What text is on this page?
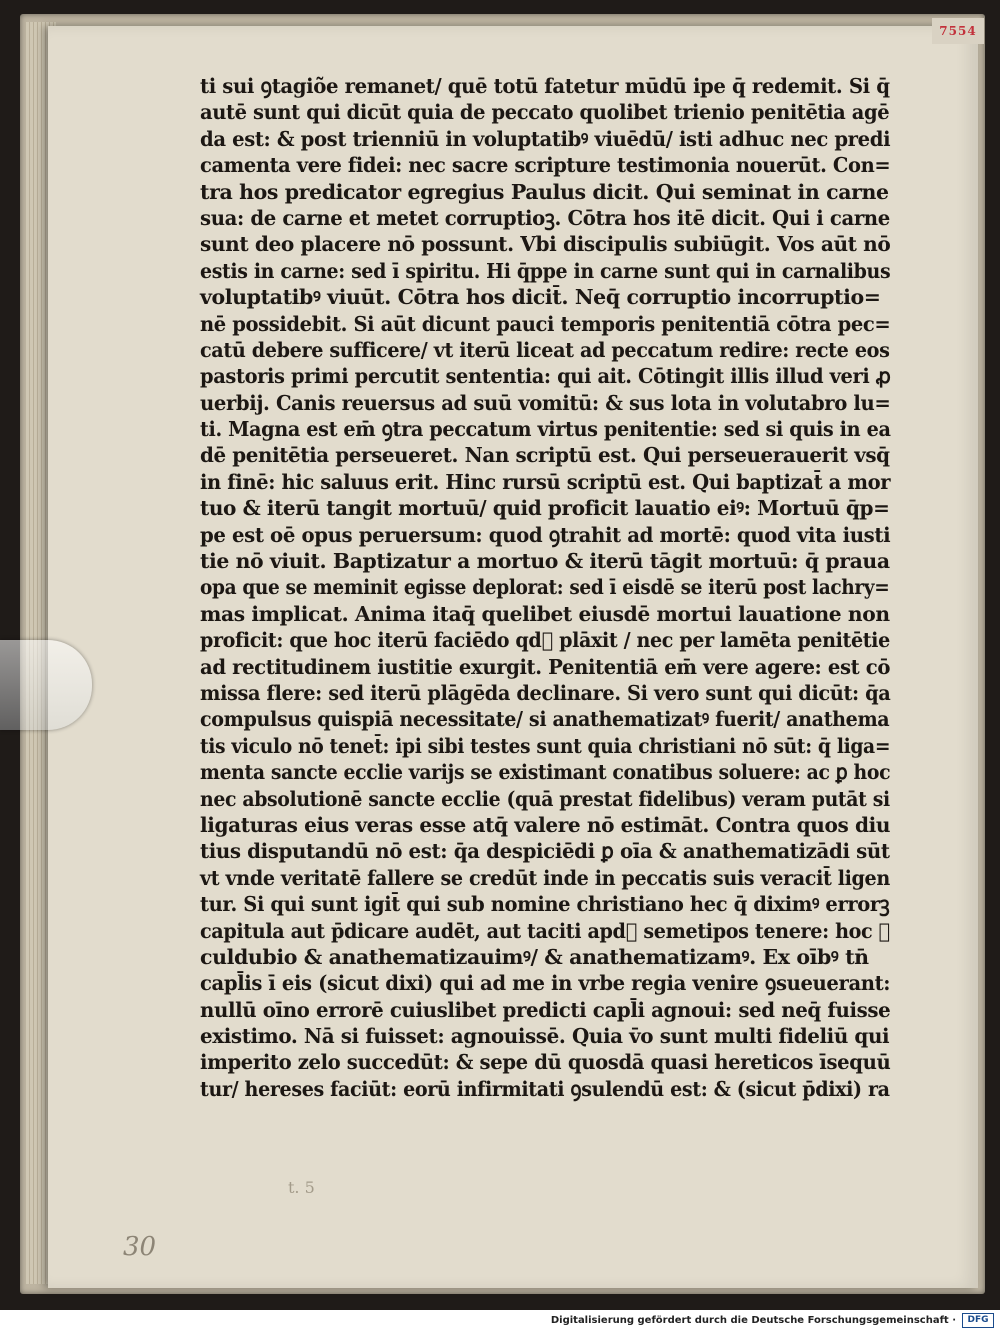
7554
ti sui ꝯtagiõe remanet/ quē totū fatetur mūdū ipe q̄ redemit. Si q̄
autē sunt qui dicūt quia de peccato quolibet trienio penitētia agē
da est: & post trienniū in voluptatibꝰ viuēdū/ isti adhuc nec predi
camenta vere fidei: nec sacre scripture testimonia nouerūt. Con=
tra hos predicator egregius Paulus dicit. Qui seminat in carne
sua: de carne et metet corruptioꝫ. Cōtra hos itē dicit. Qui i carne
sunt deo placere nō possunt. Vbi discipulis subiūgit. Vos aūt nō
estis in carne: sed ī spiritu. Hi q̄ppe in carne sunt qui in carnalibus
voluptatibꝰ viuūt. Cōtra hos dicit̄. Neq̄ corruptio incorruptio=
nē possidebit. Si aūt dicunt pauci temporis penitentiā cōtra pec=
catū debere sufficere/ vt iterū liceat ad peccatum redire: recte eos
pastoris primi percutit sententia: qui ait. Cōtingit illis illud veri ꝓ
uerbij. Canis reuersus ad suū vomitū: & sus lota in volutabro lu=
ti. Magna est em̄ ꝯtra peccatum virtus penitentie: sed si quis in ea
dē penitētia perseueret. Nan scriptū est. Qui perseuerauerit vsq̄
in finē: hic saluus erit. Hinc rursū scriptū est. Qui baptizat̄ a mor
tuo & iterū tangit mortuū/ quid proficit lauatio eiꝰ: Mortuū q̄p=
pe est oē opus peruersum: quod ꝯtrahit ad mortē: quod vita iusti
tie nō viuit. Baptizatur a mortuo & iterū tāgit mortuū: q̄ praua
opa que se meminit egisse deplorat: sed ī eisdē se iterū post lachry=
mas implicat. Anima itaq̄ quelibet eiusdē mortui lauatione non
proficit: que hoc iterū faciēdo qd᷑ plāxit / nec per lamēta penitētie
ad rectitudinem iustitie exurgit. Penitentiā em̄ vere agere: est cō
missa flere: sed iterū plāgēda declinare. Si vero sunt qui dicūt: q̄a
compulsus quispiā necessitate/ si anathematizatꝰ fuerit/ anathema
tis viculo nō tenet̄: ipi sibi testes sunt quia christiani nō sūt: q̄ liga=
menta sancte ecclie varijs se existimant conatibus soluere: ac ꝑ hoc
nec absolutionē sancte ecclie (quā prestat fidelibus) veram putāt si
ligaturas eius veras esse atq̄ valere nō estimāt. Contra quos diu
tius disputandū nō est: q̄a despiciēdi ꝑ oīa & anathematizādi sūt
vt vnde veritatē fallere se credūt inde in peccatis suis veracit̄ ligen
tur. Si qui sunt igit̄ qui sub nomine christiano hec q̄ diximꝰ errorꝫ
capitula aut p̄dicare audēt, aut taciti apd᷑ semetipos tenere: hoc ꝓ
culdubio & anathematizauimꝰ/ & anathematizamꝰ. Ex oībꝰ tn̄
capl̄is ī eis (sicut dixi) qui ad me in vrbe regia venire ꝯsueuerant:
nullū oīno errorē cuiuslibet predicti capl̄i agnoui: sed neq̄ fuisse
existimo. Nā si fuisset: agnouissē. Quia v̄o sunt multi fideliū qui
imperito zelo succedūt: & sepe dū quosdā quasi hereticos īsequū
tur/ hereses faciūt: eorū infirmitati ꝯsulendū est: & (sicut p̄dixi) ra
t. 5
30
Digitalisierung gefördert durch die Deutsche Forschungsgemeinschaft ·	DFG
